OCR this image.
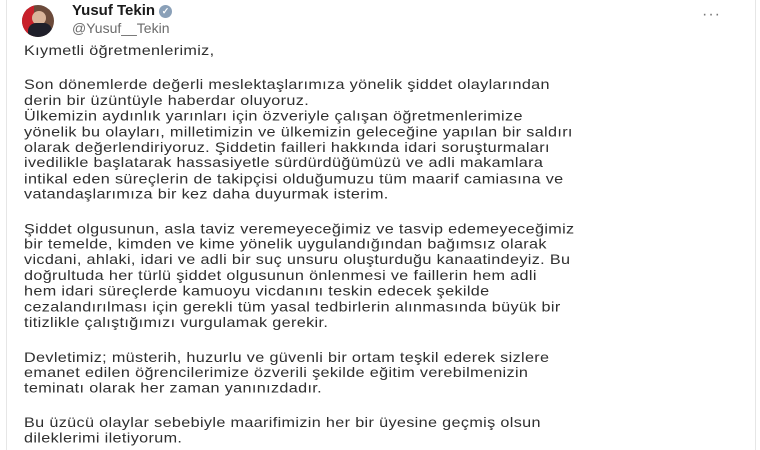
Yusuf Tekin ✓
@Yusuf__Tekin
···
Kıymetli öğretmenlerimiz,
Son dönemlerde değerli meslektaşlarımıza yönelik şiddet olaylarından
derin bir üzüntüyle haberdar oluyoruz.
Ülkemizin aydınlık yarınları için özveriyle çalışan öğretmenlerimize
yönelik bu olayları, milletimizin ve ülkemizin geleceğine yapılan bir saldırı
olarak değerlendiriyoruz. Şiddetin failleri hakkında idari soruşturmaları
ivedilikle başlatarak hassasiyetle sürdürdüğümüzü ve adli makamlara
intikal eden süreçlerin de takipçisi olduğumuzu tüm maarif camiasına ve
vatandaşlarımıza bir kez daha duyurmak isterim.
Şiddet olgusunun, asla taviz veremeyeceğimiz ve tasvip edemeyeceğimiz
bir temelde, kimden ve kime yönelik uygulandığından bağımsız olarak
vicdani, ahlaki, idari ve adli bir suç unsuru oluşturduğu kanaatindeyiz. Bu
doğrultuda her türlü şiddet olgusunun önlenmesi ve faillerin hem adli
hem idari süreçlerde kamuoyu vicdanını teskin edecek şekilde
cezalandırılması için gerekli tüm yasal tedbirlerin alınmasında büyük bir
titizlikle çalıştığımızı vurgulamak gerekir.
Devletimiz; müsterih, huzurlu ve güvenli bir ortam teşkil ederek sizlere
emanet edilen öğrencilerimize özverili şekilde eğitim verebilmenizin
teminatı olarak her zaman yanınızdadır.
Bu üzücü olaylar sebebiyle maarifimizin her bir üyesine geçmiş olsun
dileklerimi iletiyorum.
